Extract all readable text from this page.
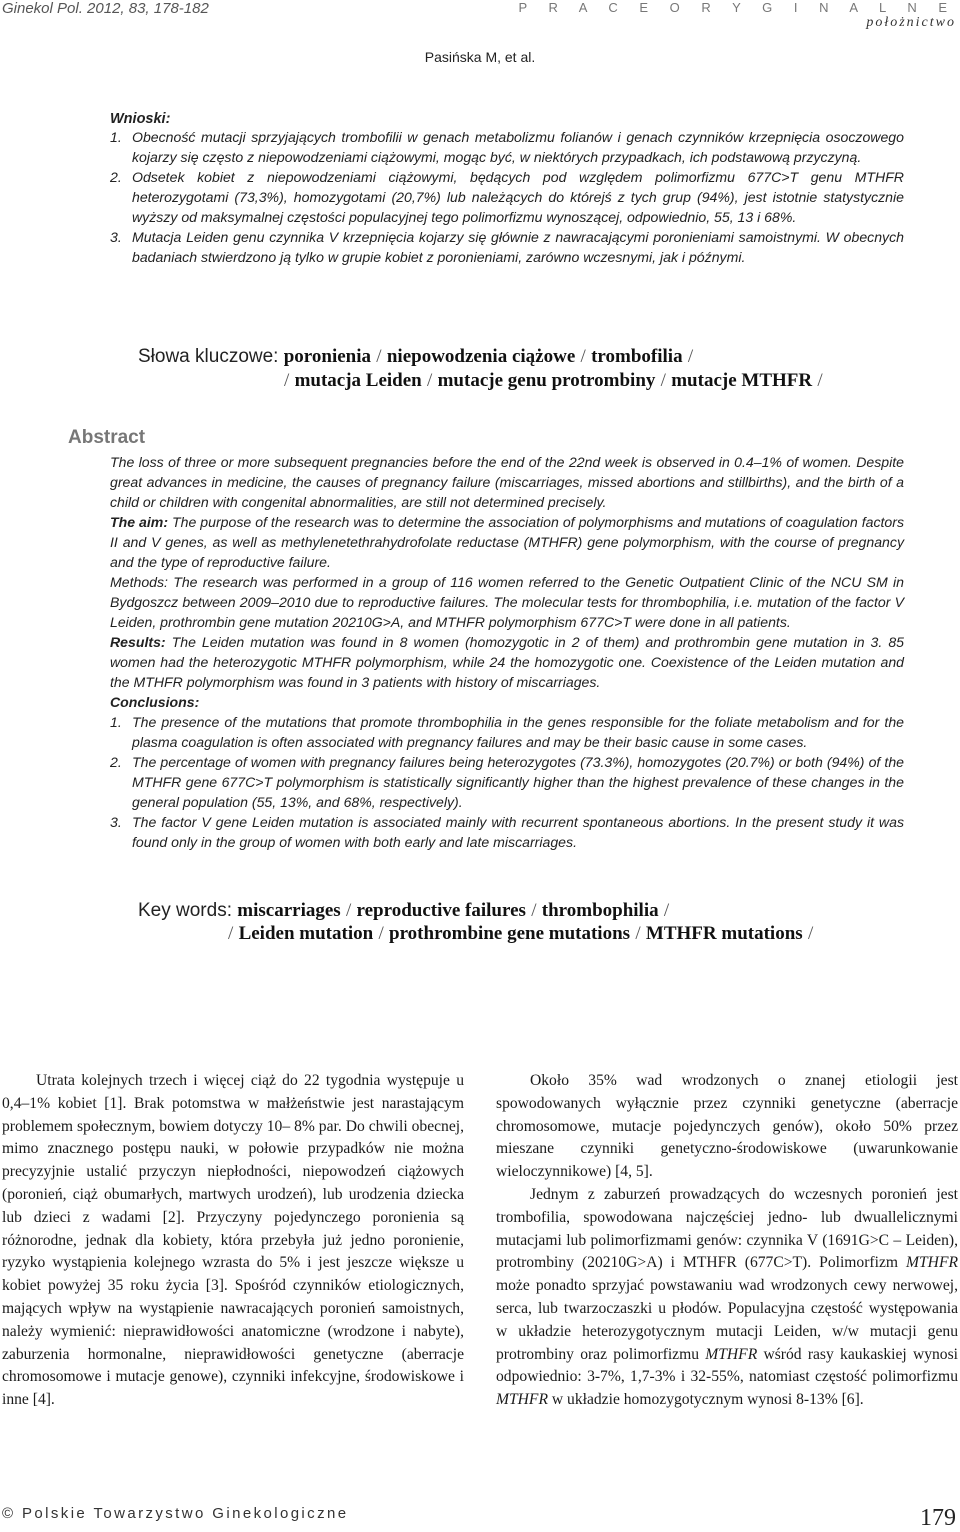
Ginekol Pol. 2012, 83, 178-182	P R A C E O R Y G I N A L N E
położnictwo
Pasińska M, et al.
Wnioski:
1. Obecność mutacji sprzyjających trombofilii w genach metabolizmu folianów i genach czynników krzepnięcia osoczowego kojarzy się często z niepowodzeniami ciążowymi, mogąc być, w niektórych przypadkach, ich podstawową przyczyną.
2. Odsetek kobiet z niepowodzeniami ciążowymi, będących pod względem polimorfizmu 677C>T genu MTHFR heterozygotami (73,3%), homozygotami (20,7%) lub należących do którejś z tych grup (94%), jest istotnie statystycznie wyższy od maksymalnej częstości populacyjnej tego polimorfizmu wynoszącej, odpowiednio, 55, 13 i 68%.
3. Mutacja Leiden genu czynnika V krzepnięcia kojarzy się głównie z nawracającymi poronieniami samoistnymi. W obecnych badaniach stwierdzono ją tylko w grupie kobiet z poronieniami, zarówno wczesnymi, jak i późnymi.
Słowa kluczowe: poronienia / niepowodzenia ciążowe / trombofilia /
/ mutacja Leiden / mutacje genu protrombiny / mutacje MTHFR /
Abstract

The loss of three or more subsequent pregnancies before the end of the 22nd week is observed in 0.4–1% of women. Despite great advances in medicine, the causes of pregnancy failure (miscarriages, missed abortions and stillbirths), and the birth of a child or children with congenital abnormalities, are still not determined precisely.

The aim: The purpose of the research was to determine the association of polymorphisms and mutations of coagulation factors II and V genes, as well as methylenetethrahydrofolate reductase (MTHFR) gene polymorphism, with the course of pregnancy and the type of reproductive failure.

Methods: The research was performed in a group of 116 women referred to the Genetic Outpatient Clinic of the NCU SM in Bydgoszcz between 2009–2010 due to reproductive failures. The molecular tests for thrombophilia, i.e. mutation of the factor V Leiden, prothrombin gene mutation 20210G>A, and MTHFR polymorphism 677C>T were done in all patients.

Results: The Leiden mutation was found in 8 women (homozygotic in 2 of them) and prothrombin gene mutation in 3. 85 women had the heterozygotic MTHFR polymorphism, while 24 the homozygotic one. Coexistence of the Leiden mutation and the MTHFR polymorphism was found in 3 patients with history of miscarriages.

Conclusions:

1. The presence of the mutations that promote thrombophilia in the genes responsible for the foliate metabolism and for the plasma coagulation is often associated with pregnancy failures and may be their basic cause in some cases.
2. The percentage of women with pregnancy failures being heterozygotes (73.3%), homozygotes (20.7%) or both (94%) of the MTHFR gene 677C>T polymorphism is statistically significantly higher than the highest prevalence of these changes in the general population (55, 13%, and 68%, respectively).
3. The factor V gene Leiden mutation is associated mainly with recurrent spontaneous abortions. In the present study it was found only in the group of women with both early and late miscarriages.
Key words: miscarriages / reproductive failures / thrombophilia /
/ Leiden mutation / prothrombine gene mutations / MTHFR mutations /

Utrata kolejnych trzech i więcej ciąż do 22 tygodnia występuje u 0,4–1% kobiet [1]. Brak potomstwa w małżeństwie jest narastającym problemem społecznym, bowiem dotyczy 10– 8% par. Do chwili obecnej, mimo znacznego postępu nauki, w połowie przypadków nie można precyzyjnie ustalić przyczyn niepłodności, niepowodzeń ciążowych (poronień, ciąż obumarłych, martwych urodzeń), lub urodzenia dziecka lub dzieci z wadami [2]. Przyczyny pojedynczego poronienia są różnorodne, jednak dla kobiety, która przebyła już jedno poronienie, ryzyko wystąpienia kolejnego wzrasta do 5% i jest jeszcze większe u kobiet powyżej 35 roku życia [3]. Spośród czynników etiologicznych, mających wpływ na wystąpienie nawracających poronień samoistnych, należy wymienić: nieprawidłowości anatomiczne (wrodzone i nabyte), zaburzenia hormonalne, nieprawidłowości genetyczne (aberracje chromosomowe i mutacje genowe), czynniki infekcyjne, środowiskowe i inne [4].

Około 35% wad wrodzonych o znanej etiologii jest spowodowanych wyłącznie przez czynniki genetyczne (aberracje chromosomowe, mutacje pojedynczych genów), około 50% przez mieszane czynniki genetyczno-środowiskowe (uwarunkowanie wieloczynnikowe) [4, 5].

Jednym z zaburzeń prowadzących do wczesnych poronień jest trombofilia, spowodowana najczęściej jedno- lub dwuallelicznymi mutacjami lub polimorfizmami genów: czynnika V (1691G>C – Leiden), protrombiny (20210G>A) i MTHFR (677C>T). Polimorfizm MTHFR może ponadto sprzyjać powstawaniu wad wrodzonych cewy nerwowej, serca, lub twarzoczaszki u płodów. Populacyjna częstość występowania w układzie heterozygotycznym mutacji Leiden, w/w mutacji genu protrombiny oraz polimorfizmu MTHFR wśród rasy kaukaskiej wynosi odpowiednio: 3-7%, 1,7-3% i 32-55%, natomiast częstość polimorfizmu MTHFR w układzie homozygotycznym wynosi 8-13% [6].

© Polskie Towarzystwo Ginekologiczne	179
